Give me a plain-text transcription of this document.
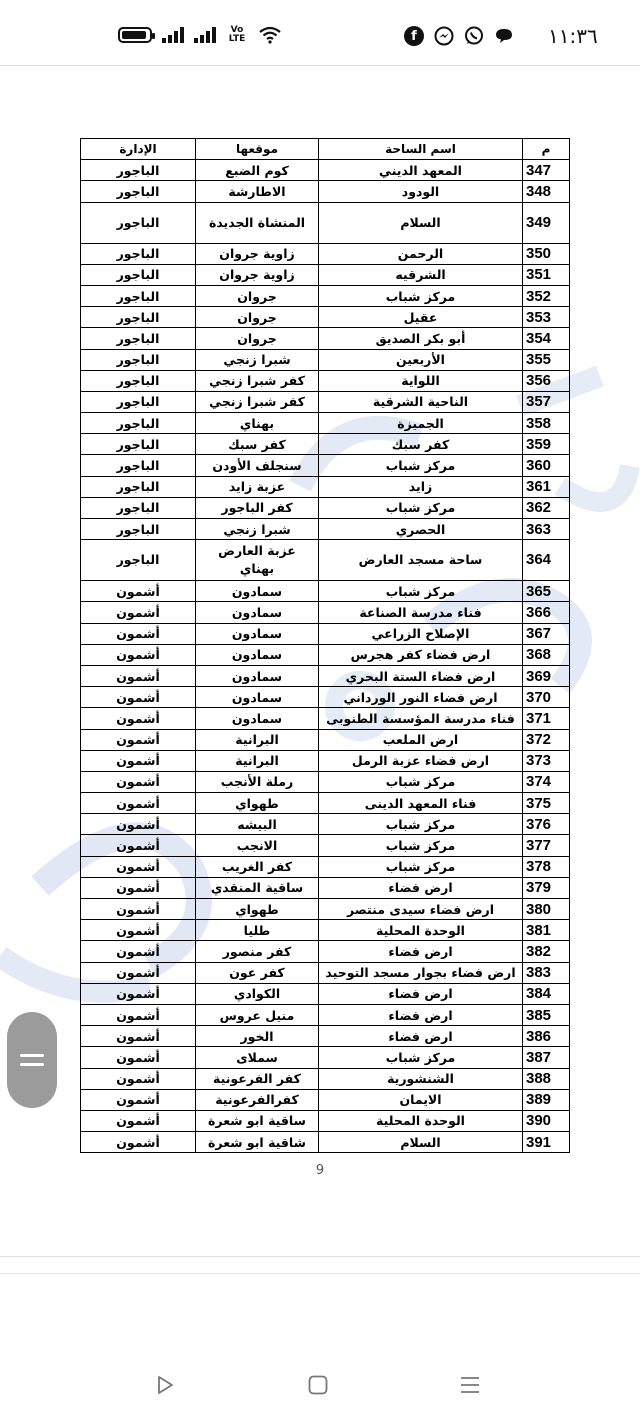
Vo LTE	f	١١:٣٦
الإدارة	موقعها	اسم الساحة	م
الباجور	كوم الضبع	المعهد الديني	347
الباجور	الاطارشة	الودود	348
الباجور	المنشاة الجديدة	السلام	349
الباجور	زاوية جروان	الرحمن	350
الباجور	زاوية جروان	الشرقيه	351
الباجور	جروان	مركز شباب	352
الباجور	جروان	عقيل	353
الباجور	جروان	أبو بكر الصديق	354
الباجور	شبرا زنجي	الأربعين	355
الباجور	كفر شبرا زنجي	اللواية	356
الباجور	كفر شبرا زنجي	الناحية الشرقية	357
الباجور	بهناي	الجميزة	358
الباجور	كفر سبك	كفر سبك	359
الباجور	سنجلف الأودن	مركز شباب	360
الباجور	عزبة زايد	زايد	361
الباجور	كفر الباجور	مركز شباب	362
الباجور	شبرا زنجي	الحصري	363
الباجور	عزبة العارض بهناي	ساحة مسجد العارض	364
أشمون	سمادون	مركز شباب	365
أشمون	سمادون	فناء مدرسة الصناعة	366
أشمون	سمادون	الإصلاح الزراعي	367
أشمون	سمادون	ارض فضاء كفر هجرس	368
أشمون	سمادون	ارض فضاء الستة البحري	369
أشمون	سمادون	ارض فضاء النور الورداني	370
أشمون	سمادون	فناء مدرسة المؤسسة الطنوبى	371
أشمون	البرانية	ارض الملعب	372
أشمون	البرانية	ارض فضاء عزبة الرمل	373
أشمون	رملة الأنجب	مركز شباب	374
أشمون	طهواي	فناء المعهد الدينى	375
أشمون	البيشه	مركز شباب	376
أشمون	الانجب	مركز شباب	377
أشمون	كفر الغريب	مركز شباب	378
أشمون	ساقية المنقدي	ارض فضاء	379
أشمون	طهواي	ارض فضاء سيدى منتصر	380
أشمون	طليا	الوحدة المحلية	381
أشمون	كفر منصور	ارض فضاء	382
أشمون	كفر عون	ارض فضاء بجوار مسجد التوحيد	383
أشمون	الكوادي	ارض فضاء	384
أشمون	منيل عروس	ارض فضاء	385
أشمون	الخور	ارض فضاء	386
أشمون	سملاى	مركز شباب	387
أشمون	كفر الفرعونية	الشنشورية	388
أشمون	كفرالفرعونية	الايمان	389
أشمون	ساقية ابو شعرة	الوحدة المحلية	390
أشمون	شاقية ابو شعرة	السلام	391
9
